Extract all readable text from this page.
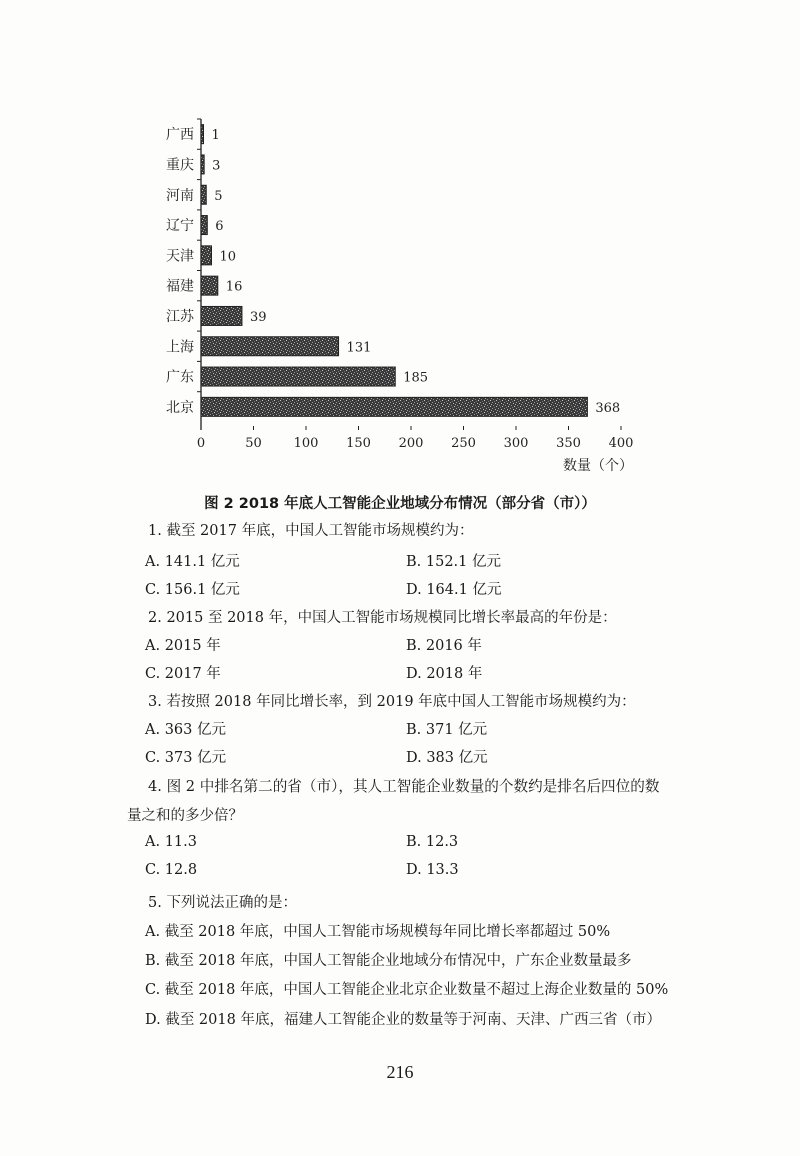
广西 1
重庆 3
河南 5
辽宁 6
天津 10
福建 16
江苏	39
上海	131
广东	185
北京	368
0	50 100 150 200 250 300 350 400
数量（个）
图 2 2018 年底人工智能企业地域分布情况（部分省（市））
1. 截至 2017 年底，中国人工智能市场规模约为：
A. 141.1 亿元	B. 152.1 亿元
C. 156.1 亿元	D. 164.1 亿元
2. 2015 至 2018 年，中国人工智能市场规模同比增长率最高的年份是：
A. 2015 年	B. 2016 年
C. 2017 年	D. 2018 年
3. 若按照 2018 年同比增长率，到 2019 年底中国人工智能市场规模约为：
A. 363 亿元	B. 371 亿元
C. 373 亿元	D. 383 亿元
4. 图 2 中排名第二的省（市），其人工智能企业数量的个数约是排名后四位的数
量之和的多少倍？
A. 11.3	B. 12.3
C. 12.8	D. 13.3
5. 下列说法正确的是：
A. 截至 2018 年底，中国人工智能市场规模每年同比增长率都超过 50%
B. 截至 2018 年底，中国人工智能企业地域分布情况中，广东企业数量最多
C. 截至 2018 年底，中国人工智能企业北京企业数量不超过上海企业数量的 50%
D. 截至 2018 年底，福建人工智能企业的数量等于河南、天津、广西三省（市）
216
